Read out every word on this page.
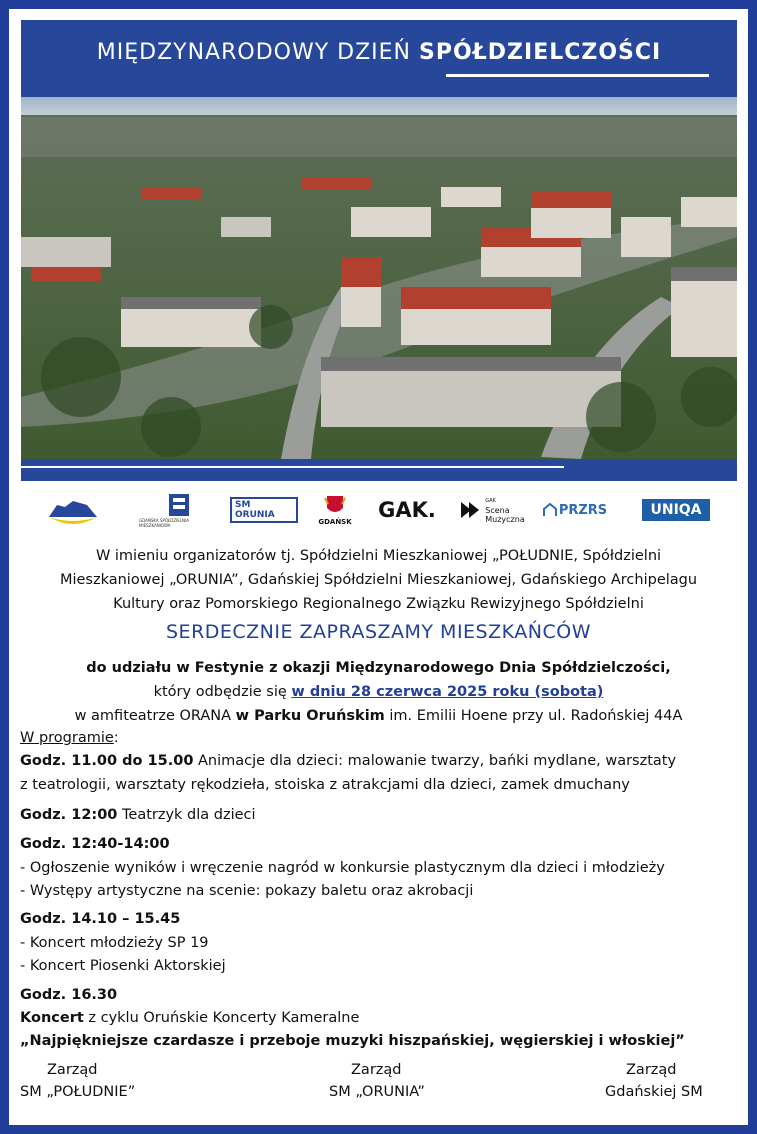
MIĘDZYNARODOWY DZIEŃ SPÓŁDZIELCZOŚCI
GDAŃSKA SPÓŁDZIELNIA MIESZKANIOWA
SM ORUNIA
GDAŃSK	GAK.	GAK
Scena
Muzyczna
PRZRS	UNIQA
W imieniu organizatorów tj. Spółdzielni Mieszkaniowej „POŁUDNIE, Spółdzielni
Mieszkaniowej „ORUNIA”, Gdańskiej Spółdzielni Mieszkaniowej, Gdańskiego Archipelagu
Kultury oraz Pomorskiego Regionalnego Związku Rewizyjnego Spółdzielni
SERDECZNIE ZAPRASZAMY MIESZKAŃCÓW
do udziału w Festynie z okazji Międzynarodowego Dnia Spółdzielczości,
który odbędzie się w dniu 28 czerwca 2025 roku (sobota)
w amfiteatrze ORANA w Parku Oruńskim im. Emilii Hoene przy ul. Radońskiej 44A
W programie:
Godz. 11.00 do 15.00 Animacje dla dzieci: malowanie twarzy, bańki mydlane, warsztaty
z teatrologii, warsztaty rękodzieła, stoiska z atrakcjami dla dzieci, zamek dmuchany
Godz. 12:00 Teatrzyk dla dzieci
Godz. 12:40-14:00
- Ogłoszenie wyników i wręczenie nagród w konkursie plastycznym dla dzieci i młodzieży
- Występy artystyczne na scenie: pokazy baletu oraz akrobacji
Godz. 14.10 – 15.45
- Koncert młodzieży SP 19
- Koncert Piosenki Aktorskiej
Godz. 16.30
Koncert z cyklu Oruńskie Koncerty Kameralne
„Najpiękniejsze czardasze i przeboje muzyki hiszpańskiej, węgierskiej i włoskiej”
Zarząd
SM „POŁUDNIE”
Zarząd
SM „ORUNIA”
Zarząd
Gdańskiej SM
